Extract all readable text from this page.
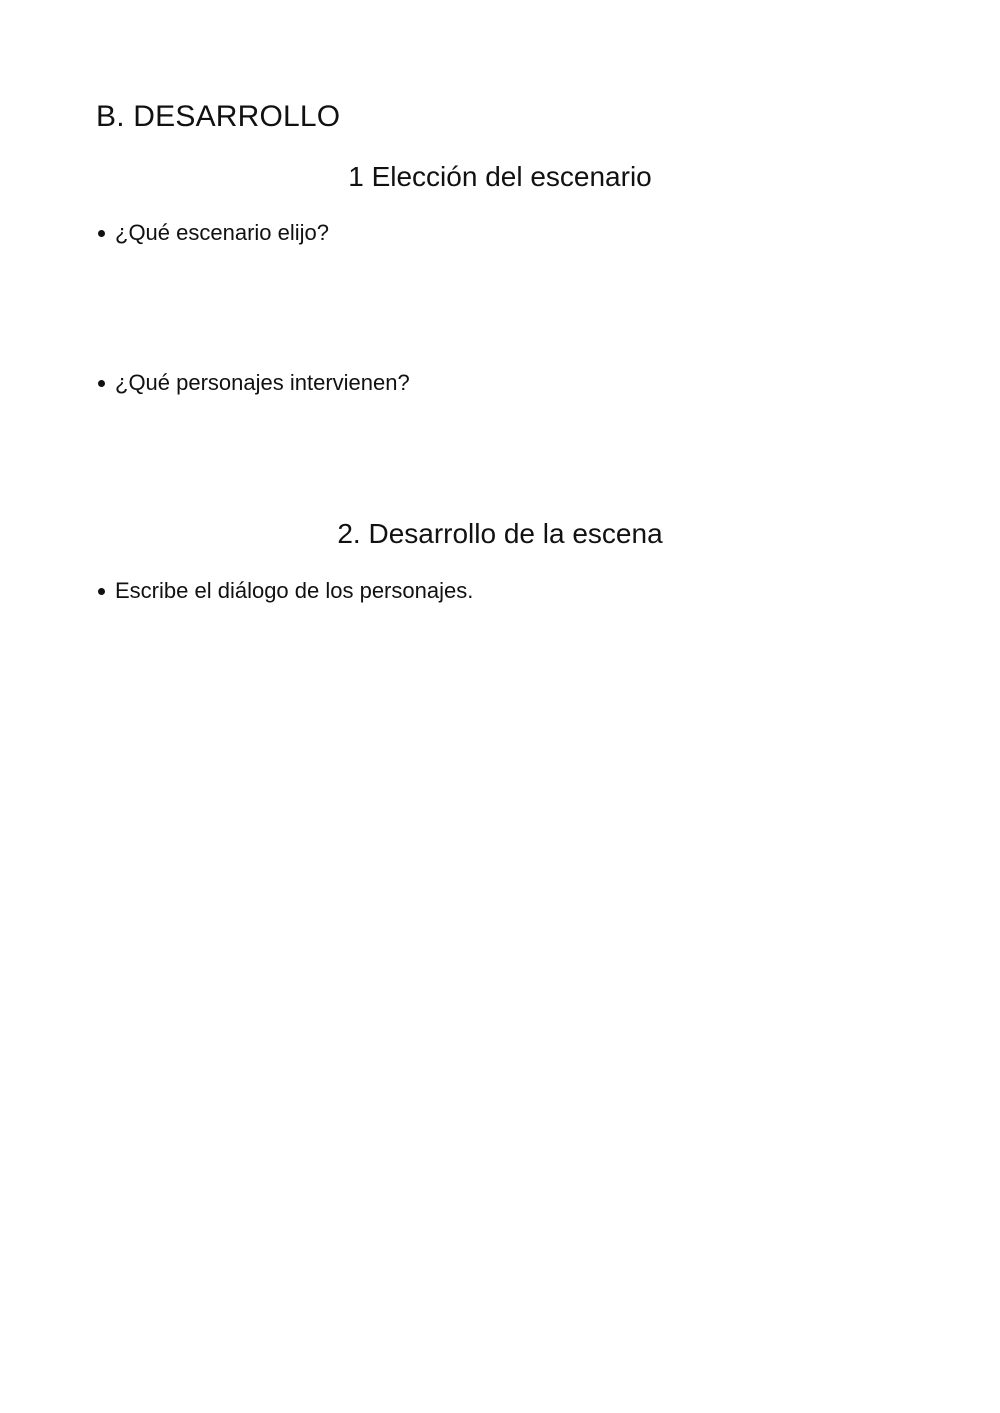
B. DESARROLLO
1 Elección del escenario

¿Qué escenario elijo?

¿Qué personajes intervienen?

2. Desarrollo de la escena

Escribe el diálogo de los personajes.
